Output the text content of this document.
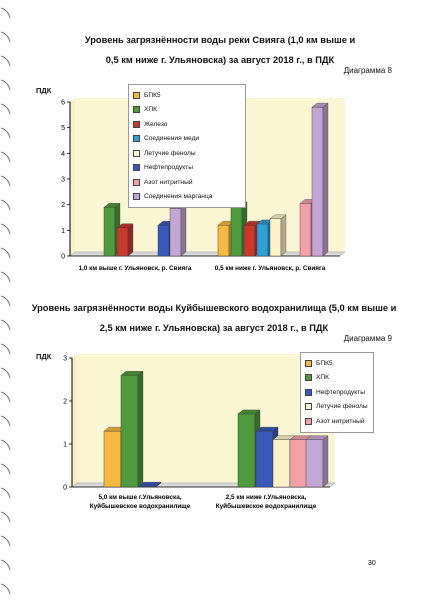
Уровень загрязнённости воды реки Свияга (1,0 км выше и
0,5 км ниже г. Ульяновска) за август 2018 г., в ПДК
Диаграмма 8
ПДК
0
1
2
3
4
5
6
1,0 км выше г. Ульяновск, р. Свияга	0,5 км ниже г. Ульяновск, р. Свияга
БПК5
ХПК
Железо
Соединения меди
Летучие фенолы
Нефтепродукты
Азот нитритный
Соединения марганца
Уровень загрязнённости воды Куйбышевского водохранилища (5,0 км выше и
2,5 км ниже г. Ульяновска) за август 2018 г., в ПДК
Диаграмма 9
ПДК
0
1
2
3
5,0 км выше г.Ульяновска,
Куйбышевское водохранилище
2,5 км ниже г.Ульяновска,
Куйбышевское водохранилище
БПК5
ХПК
Нефтепродукты
Летучие фенолы
Азот нитритный
30
